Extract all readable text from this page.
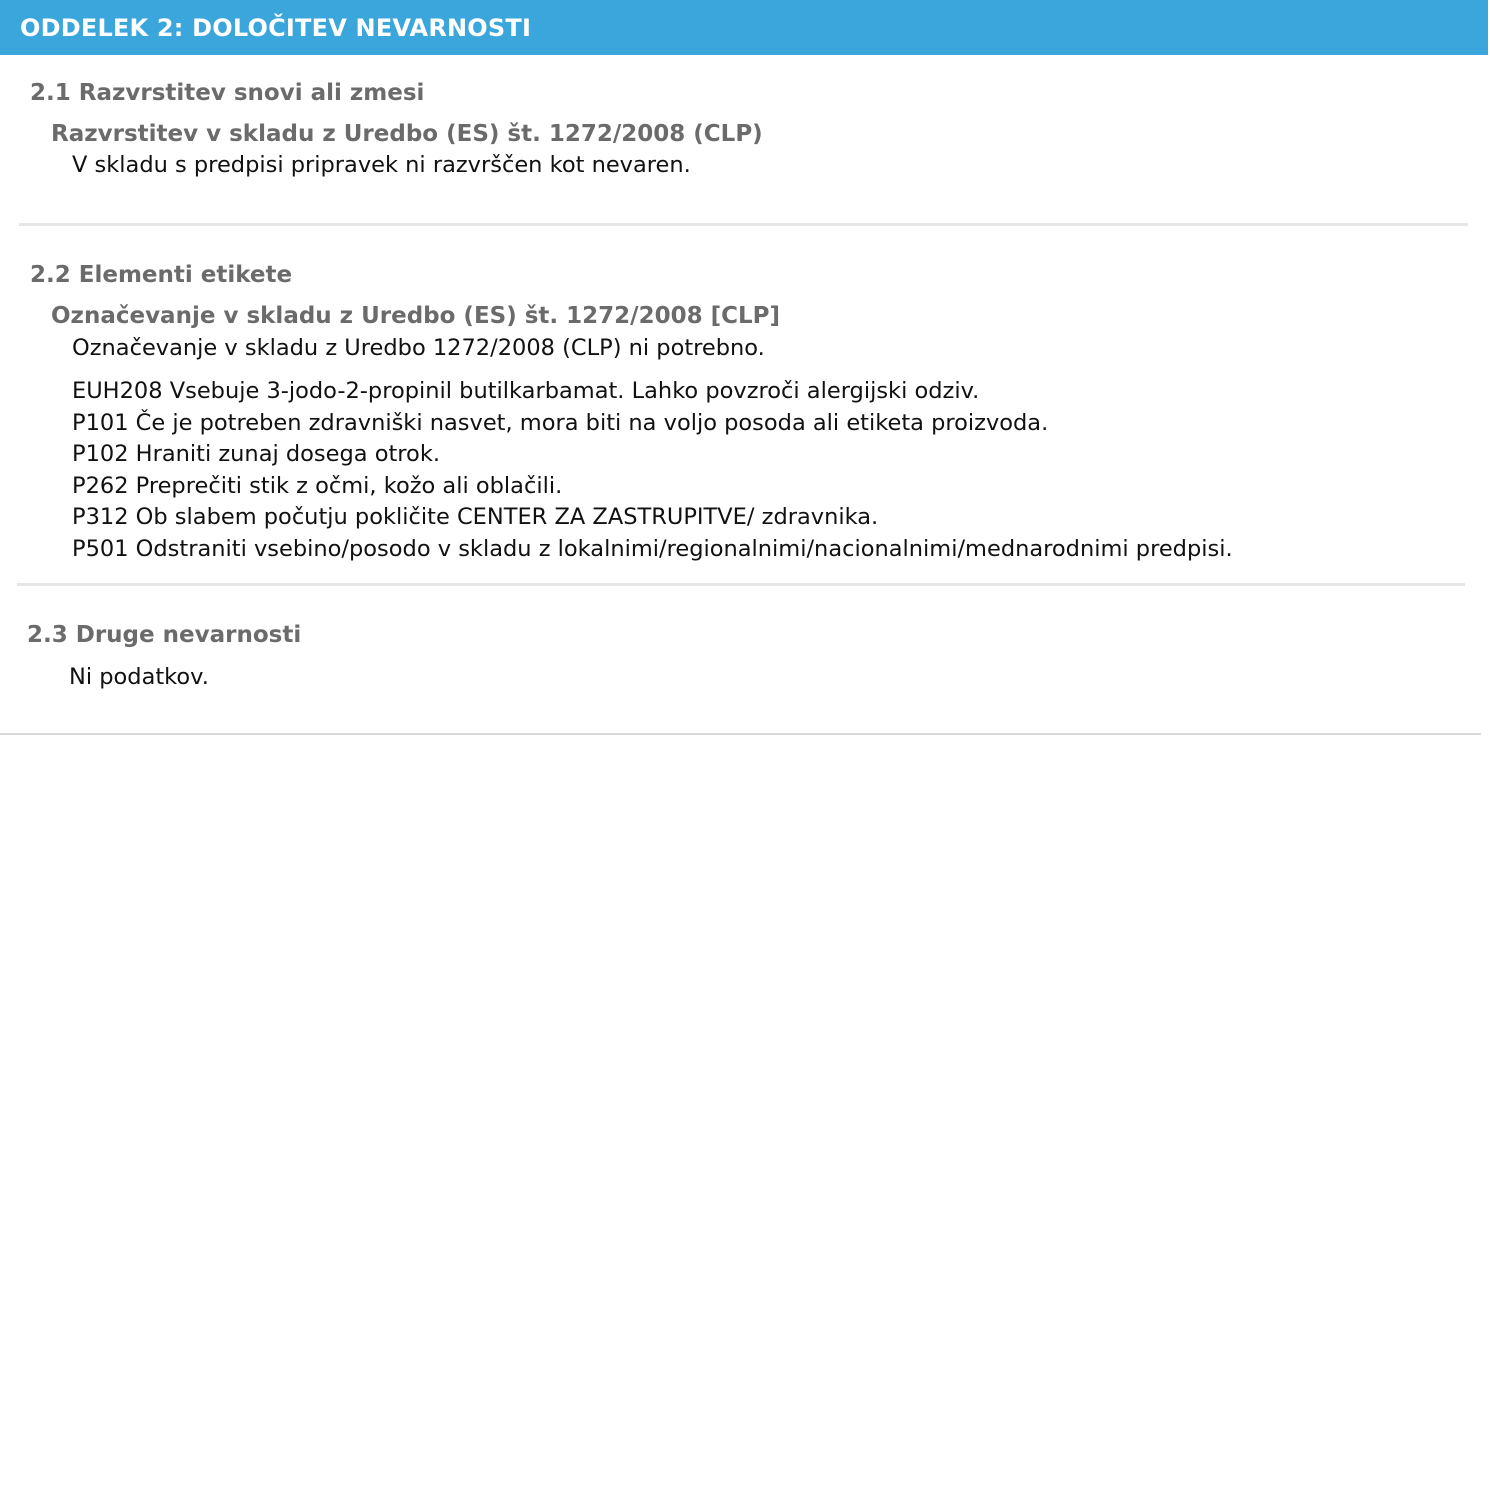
ODDELEK 2: DOLOČITEV NEVARNOSTI
2.1 Razvrstitev snovi ali zmesi
Razvrstitev v skladu z Uredbo (ES) št. 1272/2008 (CLP)
V skladu s predpisi pripravek ni razvrščen kot nevaren.
2.2 Elementi etikete
Označevanje v skladu z Uredbo (ES) št. 1272/2008 [CLP]
Označevanje v skladu z Uredbo 1272/2008 (CLP) ni potrebno.
EUH208 Vsebuje 3-jodo-2-propinil butilkarbamat. Lahko povzroči alergijski odziv.
P101 Če je potreben zdravniški nasvet, mora biti na voljo posoda ali etiketa proizvoda.
P102 Hraniti zunaj dosega otrok.
P262 Preprečiti stik z očmi, kožo ali oblačili.
P312 Ob slabem počutju pokličite CENTER ZA ZASTRUPITVE/ zdravnika.
P501 Odstraniti vsebino/posodo v skladu z lokalnimi/regionalnimi/nacionalnimi/mednarodnimi predpisi.
2.3 Druge nevarnosti
Ni podatkov.
